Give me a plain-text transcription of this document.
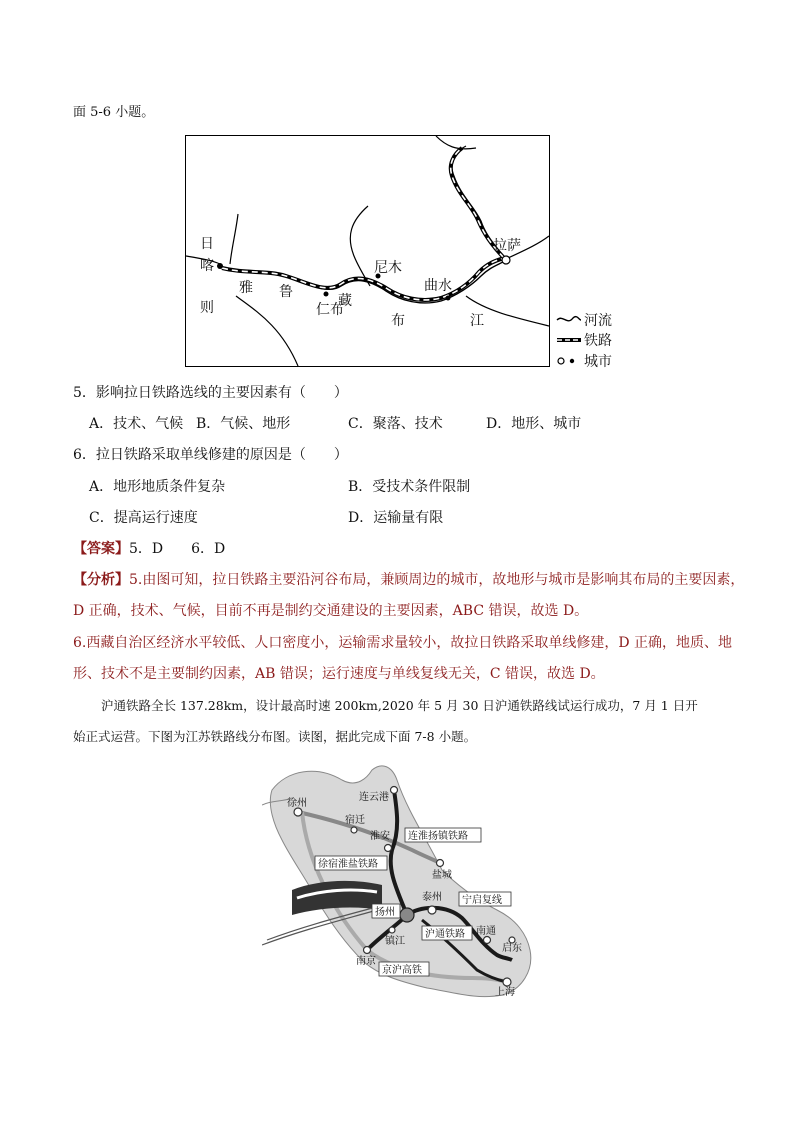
面 5-6 小题。
日
喀
则
雅 鲁
仁布
藏
尼木
布
曲水
江
拉萨
河流
铁路
城市
5．影响拉日铁路选线的主要因素有（　　）
A．技术、气候 B．气候、地形	C．聚落、技术	D．地形、城市
6．拉日铁路采取单线修建的原因是（　　）
A．地形地质条件复杂	B．受技术条件限制
C．提高运行速度	D．运输量有限
【答案】5．D　　6．D
【分析】5.由图可知，拉日铁路主要沿河谷布局，兼顾周边的城市，故地形与城市是影响其布局的主要因素，
D 正确，技术、气候，目前不再是制约交通建设的主要因素，ABC 错误，故选 D。
6.西藏自治区经济水平较低、人口密度小，运输需求量较小，故拉日铁路采取单线修建，D 正确，地质、地
形、技术不是主要制约因素，AB 错误；运行速度与单线复线无关，C 错误，故选 D。
沪通铁路全长 137.28km，设计最高时速 200km,2020 年 5 月 30 日沪通铁路线试运行成功，7 月 1 日开
始正式运营。下图为江苏铁路线分布图。读图，据此完成下面 7-8 小题。
徐州
连云港
宿迁
淮安
盐城
泰州
镇江
南京
南通
启东
上海
连淮扬镇铁路
徐宿淮盐铁路
宁启复线
沪通铁路
京沪高铁
扬州
